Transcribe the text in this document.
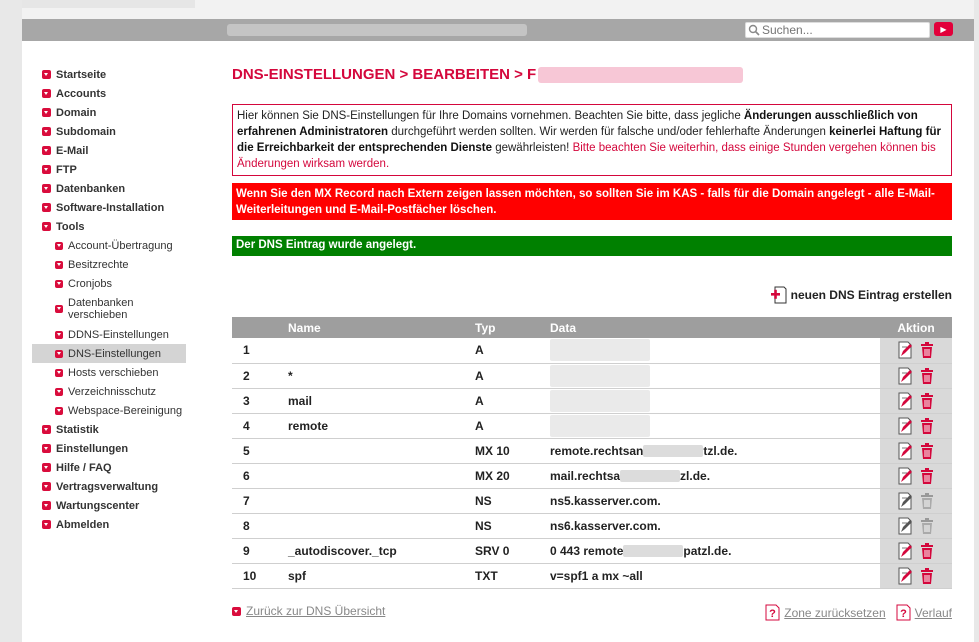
Suchen...
▶
Startseite
Accounts
Domain
Subdomain
E-Mail
FTP
Datenbanken
Software-Installation
Tools
Account-Übertragung
Besitzrechte
Cronjobs
Datenbanken verschieben
DDNS-Einstellungen
DNS-Einstellungen
Hosts verschieben
Verzeichnisschutz
Webspace-Bereinigung
Statistik
Einstellungen
Hilfe / FAQ
Vertragsverwaltung
Wartungscenter
Abmelden
DNS-EINSTELLUNGEN > BEARBEITEN > F
Hier können Sie DNS-Einstellungen für Ihre Domains vornehmen. Beachten Sie bitte, dass jegliche Änderungen ausschließlich von erfahrenen Administratoren durchgeführt werden sollten. Wir werden für falsche und/oder fehlerhafte Änderungen keinerlei Haftung für die Erreichbarkeit der entsprechenden Dienste gewährleisten! Bitte beachten Sie weiterhin, dass einige Stunden vergehen können bis Änderungen wirksam werden.
Wenn Sie den MX Record nach Extern zeigen lassen möchten, so sollten Sie im KAS - falls für die Domain angelegt - alle E-Mail-Weiterleitungen und E-Mail-Postfächer löschen.
Der DNS Eintrag wurde angelegt.
neuen DNS Eintrag erstellen
	Name	Typ	Data	Aktion
1		A		
2	*	A		
3	mail	A		
4	remote	A		
5		MX 10	remote.rechtsan tzl.de.	
6		MX 20	mail.rechtsa zl.de.	
7		NS	ns5.kasserver.com.	
8		NS	ns6.kasserver.com.	
9	_autodiscover._tcp	SRV 0	0 443 remote patzl.de.	
10	spf	TXT	v=spf1 a mx ~all	
Zurück zur DNS Übersicht	? Zone zurücksetzen ? Verlauf
